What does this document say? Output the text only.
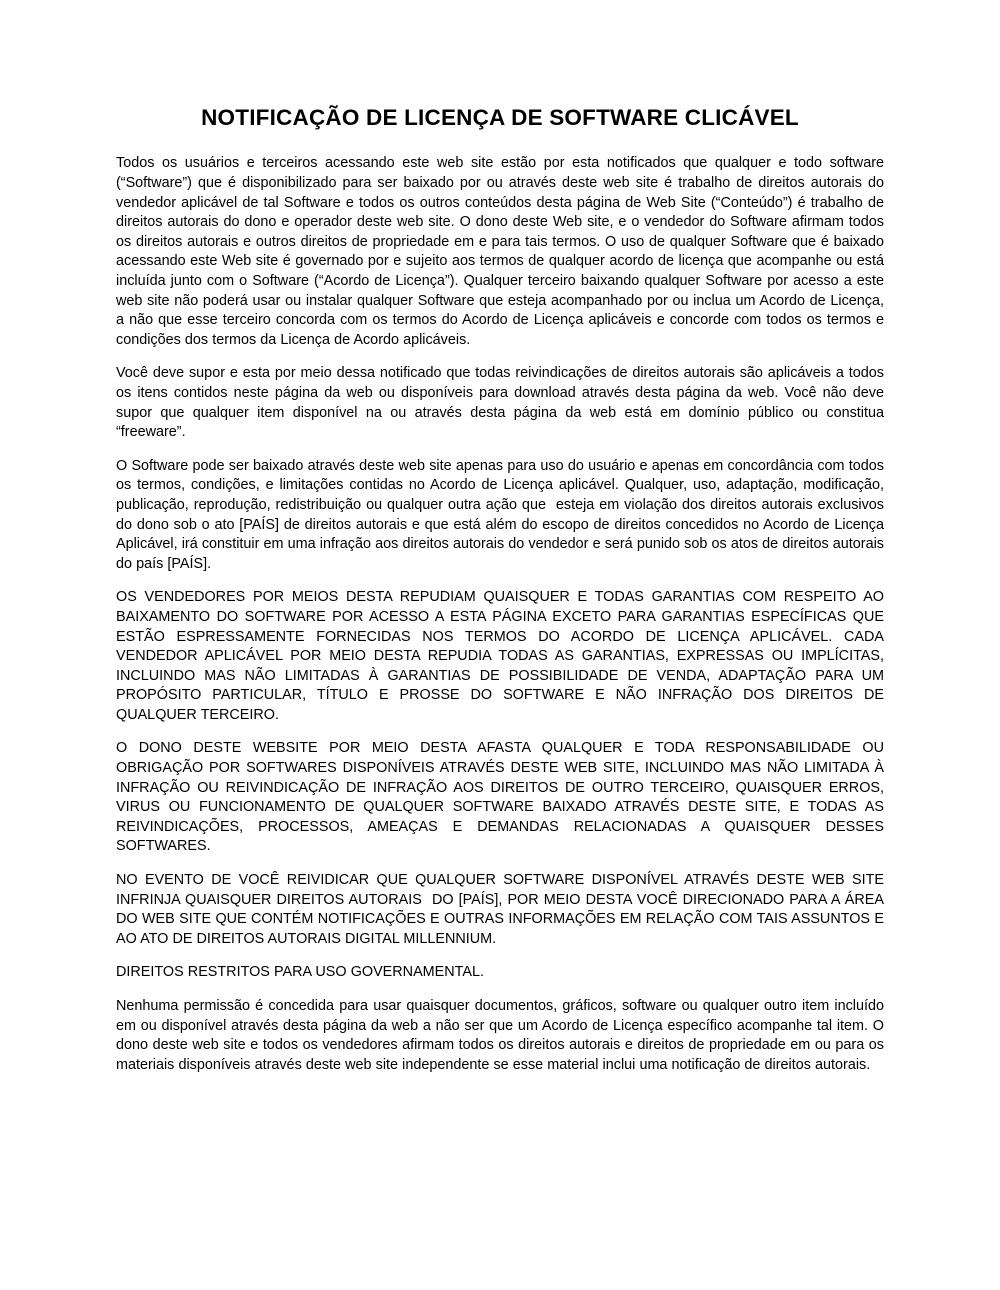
NOTIFICAÇÃO DE LICENÇA DE SOFTWARE CLICÁVEL

Todos os usuários e terceiros acessando este web site estão por esta notificados que qualquer e todo software (“Software”) que é disponibilizado para ser baixado por ou através deste web site é trabalho de direitos autorais do vendedor aplicável de tal Software e todos os outros conteúdos desta página de Web Site (“Conteúdo”) é trabalho de direitos autorais do dono e operador deste web site. O dono deste Web site, e o vendedor do Software afirmam todos os direitos autorais e outros direitos de propriedade em e para tais termos. O uso de qualquer Software que é baixado acessando este Web site é governado por e sujeito aos termos de qualquer acordo de licença que acompanhe ou está incluída junto com o Software (“Acordo de Licença”). Qualquer terceiro baixando qualquer Software por acesso a este web site não poderá usar ou instalar qualquer Software que esteja acompanhado por ou inclua um Acordo de Licença, a não que esse terceiro concorda com os termos do Acordo de Licença aplicáveis e concorde com todos os termos e condições dos termos da Licença de Acordo aplicáveis.

Você deve supor e esta por meio dessa notificado que todas reivindicações de direitos autorais são aplicáveis a todos os itens contidos neste página da web ou disponíveis para download através desta página da web. Você não deve supor que qualquer item disponível na ou através desta página da web está em domínio público ou constitua “freeware”.

O Software pode ser baixado através deste web site apenas para uso do usuário e apenas em concordância com todos os termos, condições, e limitações contidas no Acordo de Licença aplicável. Qualquer, uso, adaptação, modificação, publicação, reprodução, redistribuição ou qualquer outra ação que  esteja em violação dos direitos autorais exclusivos do dono sob o ato [PAÍS] de direitos autorais e que está além do escopo de direitos concedidos no Acordo de Licença Aplicável, irá constituir em uma infração aos direitos autorais do vendedor e será punido sob os atos de direitos autorais do país [PAÍS].

OS VENDEDORES POR MEIOS DESTA REPUDIAM QUAISQUER E TODAS GARANTIAS COM RESPEITO AO BAIXAMENTO DO SOFTWARE POR ACESSO A ESTA PÁGINA EXCETO PARA GARANTIAS ESPECÍFICAS QUE ESTÃO ESPRESSAMENTE FORNECIDAS NOS TERMOS DO ACORDO DE LICENÇA APLICÁVEL. CADA VENDEDOR APLICÁVEL POR MEIO DESTA REPUDIA TODAS AS GARANTIAS, EXPRESSAS OU IMPLÍCITAS, INCLUINDO MAS NÃO LIMITADAS À GARANTIAS DE POSSIBILIDADE DE VENDA, ADAPTAÇÃO PARA UM PROPÓSITO PARTICULAR, TÍTULO E PROSSE DO SOFTWARE E NÃO INFRAÇÃO DOS DIREITOS DE QUALQUER TERCEIRO.

O DONO DESTE WEBSITE POR MEIO DESTA AFASTA QUALQUER E TODA RESPONSABILIDADE OU OBRIGAÇÃO POR SOFTWARES DISPONÍVEIS ATRAVÉS DESTE WEB SITE, INCLUINDO MAS NÃO LIMITADA À INFRAÇÃO OU REIVINDICAÇÃO DE INFRAÇÃO AOS DIREITOS DE OUTRO TERCEIRO, QUAISQUER ERROS, VIRUS OU FUNCIONAMENTO DE QUALQUER SOFTWARE BAIXADO ATRAVÉS DESTE SITE, E TODAS AS REIVINDICAÇÕES, PROCESSOS, AMEAÇAS E DEMANDAS RELACIONADAS A QUAISQUER DESSES SOFTWARES.

NO EVENTO DE VOCÊ REIVIDICAR QUE QUALQUER SOFTWARE DISPONÍVEL ATRAVÉS DESTE WEB SITE INFRINJA QUAISQUER DIREITOS AUTORAIS  DO [PAÍS], POR MEIO DESTA VOCÊ DIRECIONADO PARA A ÁREA DO WEB SITE QUE CONTÉM NOTIFICAÇÕES E OUTRAS INFORMAÇÕES EM RELAÇÃO COM TAIS ASSUNTOS E AO ATO DE DIREITOS AUTORAIS DIGITAL MILLENNIUM.

DIREITOS RESTRITOS PARA USO GOVERNAMENTAL.

Nenhuma permissão é concedida para usar quaisquer documentos, gráficos, software ou qualquer outro item incluído em ou disponível através desta página da web a não ser que um Acordo de Licença específico acompanhe tal item. O dono deste web site e todos os vendedores afirmam todos os direitos autorais e direitos de propriedade em ou para os materiais disponíveis através deste web site independente se esse material inclui uma notificação de direitos autorais.
